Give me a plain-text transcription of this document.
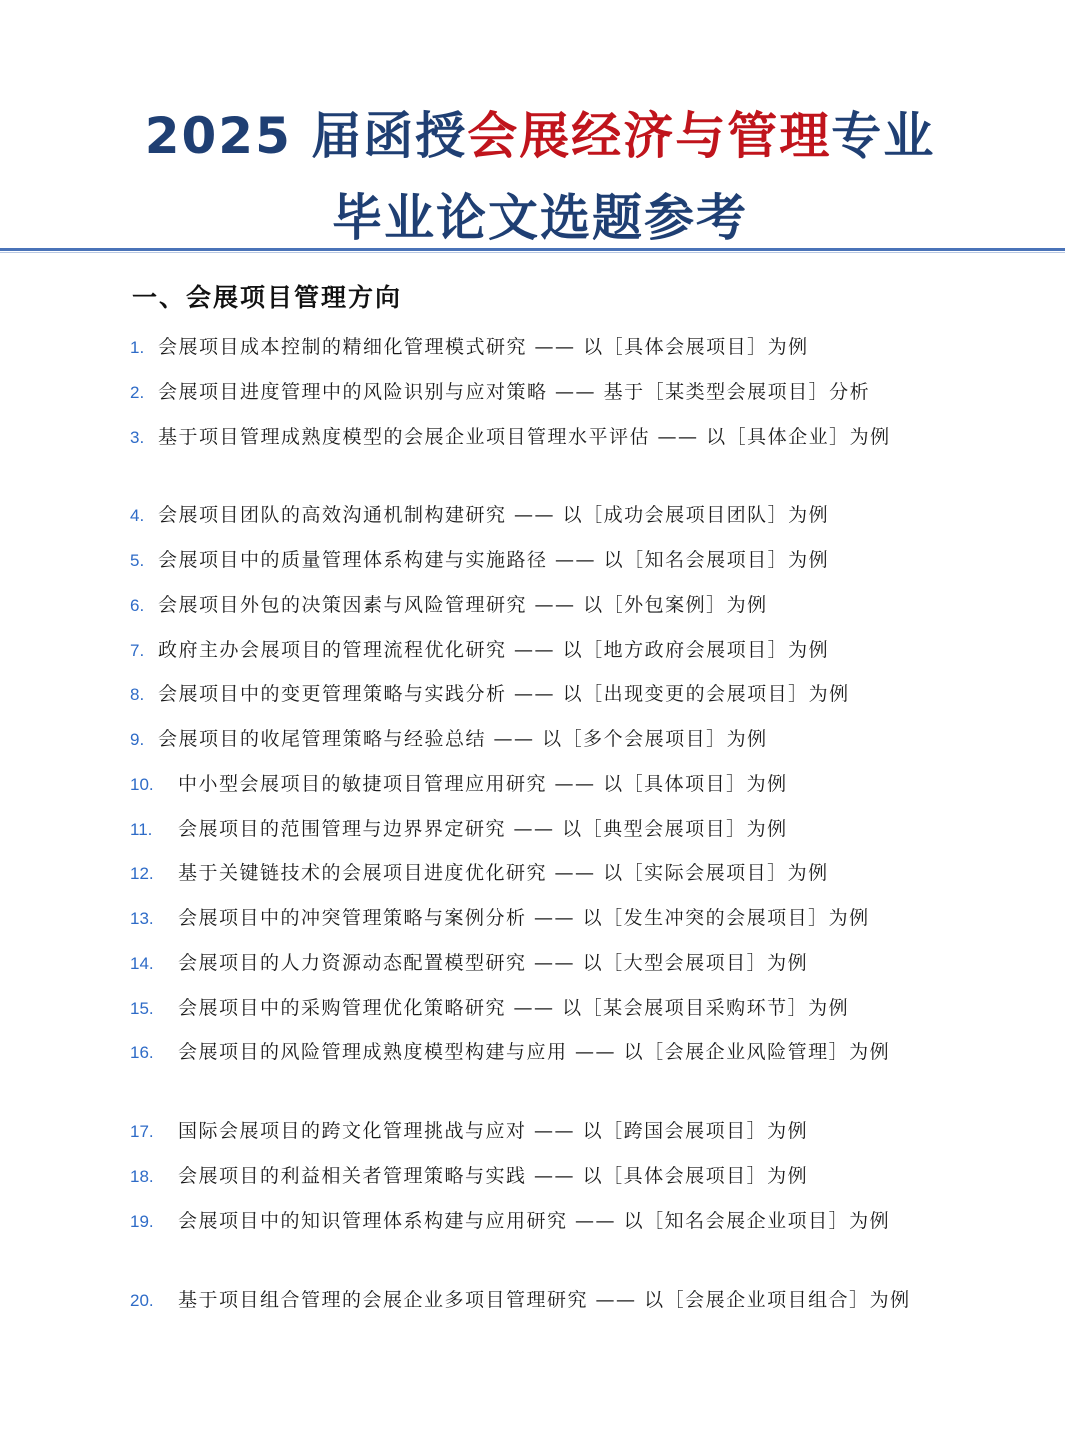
2025 届函授会展经济与管理专业
毕业论文选题参考
一、会展项目管理方向
1. 会展项目成本控制的精细化管理模式研究 —— 以［具体会展项目］为例
2. 会展项目进度管理中的风险识别与应对策略 —— 基于［某类型会展项目］分析
3. 基于项目管理成熟度模型的会展企业项目管理水平评估 —— 以［具体企业］为例
4. 会展项目团队的高效沟通机制构建研究 —— 以［成功会展项目团队］为例
5. 会展项目中的质量管理体系构建与实施路径 —— 以［知名会展项目］为例
6. 会展项目外包的决策因素与风险管理研究 —— 以［外包案例］为例
7. 政府主办会展项目的管理流程优化研究 —— 以［地方政府会展项目］为例
8. 会展项目中的变更管理策略与实践分析 —— 以［出现变更的会展项目］为例
9. 会展项目的收尾管理策略与经验总结 —— 以［多个会展项目］为例
10. 中小型会展项目的敏捷项目管理应用研究 —— 以［具体项目］为例
11. 会展项目的范围管理与边界界定研究 —— 以［典型会展项目］为例
12. 基于关键链技术的会展项目进度优化研究 —— 以［实际会展项目］为例
13. 会展项目中的冲突管理策略与案例分析 —— 以［发生冲突的会展项目］为例
14. 会展项目的人力资源动态配置模型研究 —— 以［大型会展项目］为例
15. 会展项目中的采购管理优化策略研究 —— 以［某会展项目采购环节］为例
16. 会展项目的风险管理成熟度模型构建与应用 —— 以［会展企业风险管理］为例
17. 国际会展项目的跨文化管理挑战与应对 —— 以［跨国会展项目］为例
18. 会展项目的利益相关者管理策略与实践 —— 以［具体会展项目］为例
19. 会展项目中的知识管理体系构建与应用研究 —— 以［知名会展企业项目］为例
20. 基于项目组合管理的会展企业多项目管理研究 —— 以［会展企业项目组合］为例
